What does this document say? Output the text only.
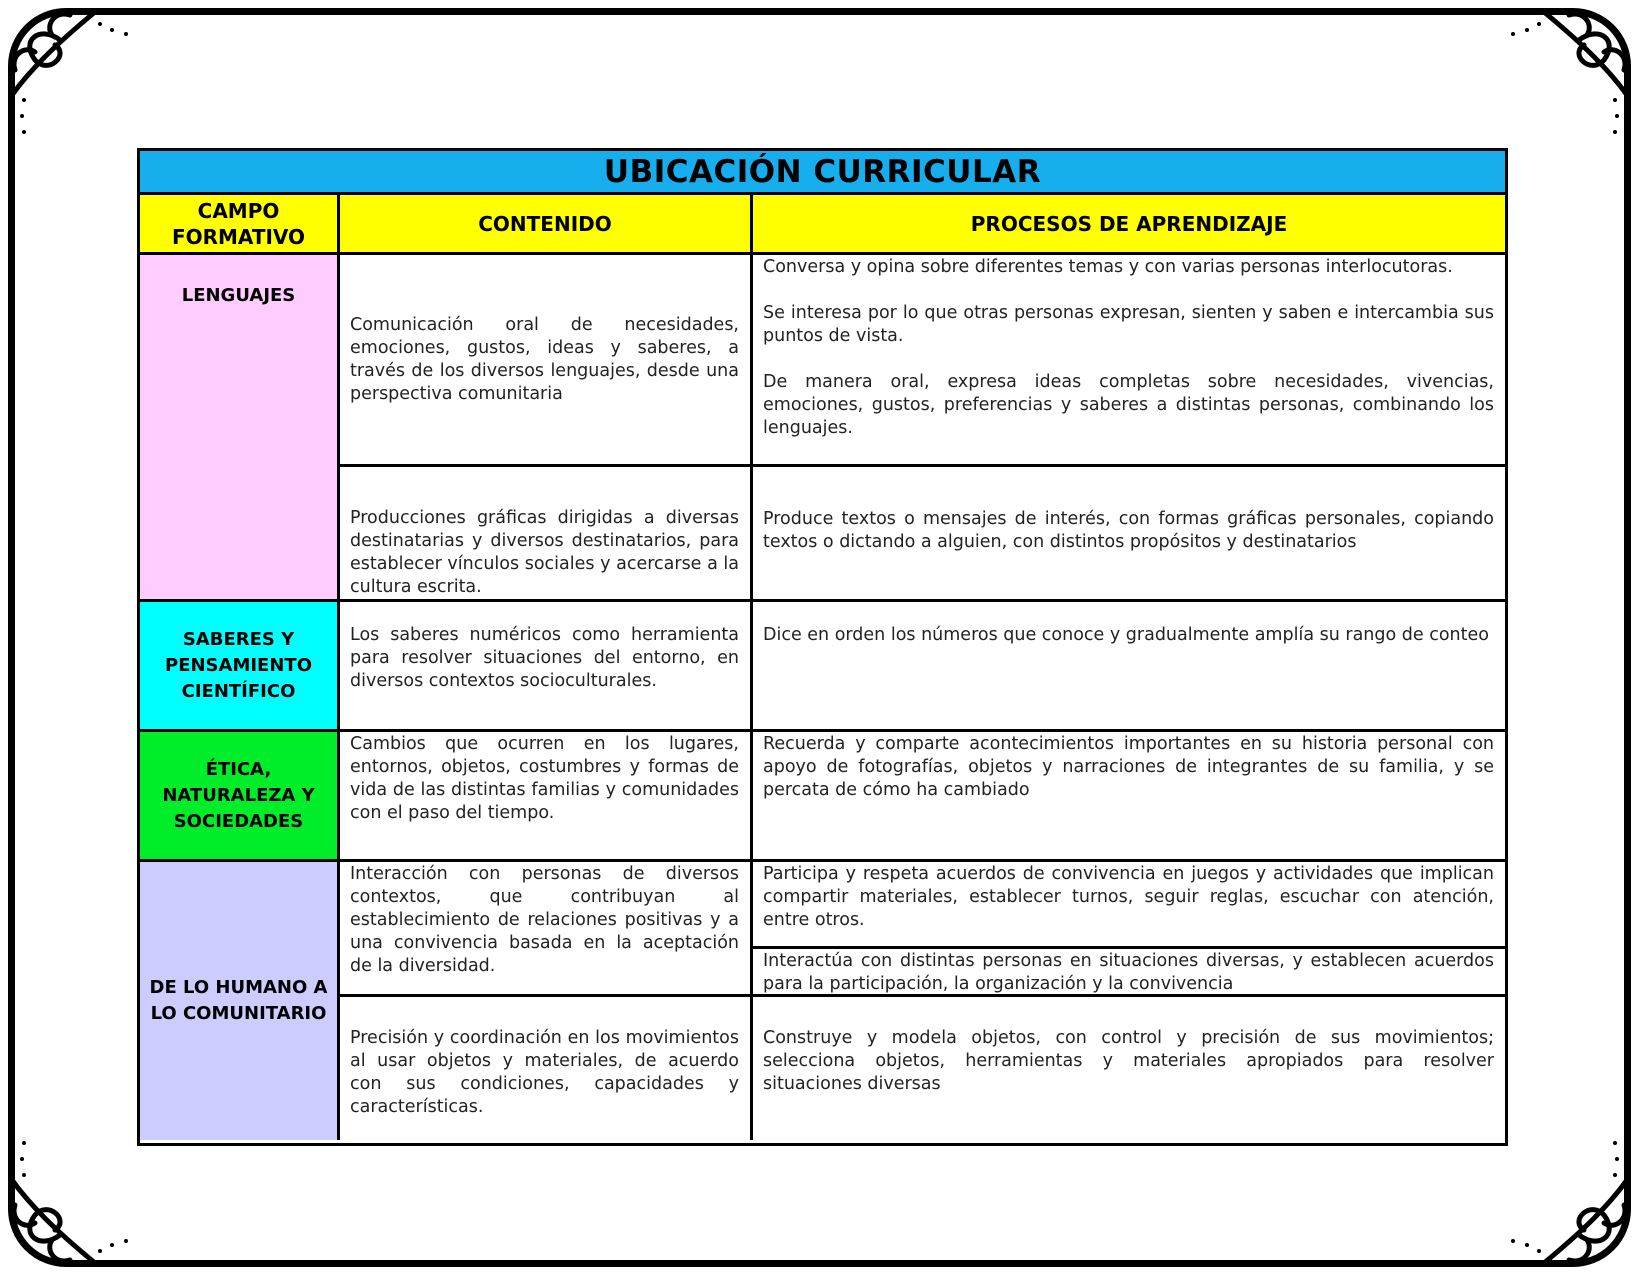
UBICACIÓN CURRICULAR
CAMPO FORMATIVO
CONTENIDO	PROCESOS DE APRENDIZAJE
LENGUAJES

Comunicación oral de necesidades, emociones, gustos, ideas y saberes, a través de los diversos lenguajes, desde una perspectiva comunitaria

Conversa y opina sobre diferentes temas y con varias personas interlocutoras.

Se interesa por lo que otras personas expresan, sienten y saben e intercambia sus puntos de vista.

De manera oral, expresa ideas completas sobre necesidades, vivencias, emociones, gustos, preferencias y saberes a distintas personas, combinando los lenguajes.

Producciones gráficas dirigidas a diversas destinatarias y diversos destinatarios, para establecer vínculos sociales y acercarse a la cultura escrita.

Produce textos o mensajes de interés, con formas gráficas personales, copiando textos o dictando a alguien, con distintos propósitos y destinatarios

SABERES Y PENSAMIENTO CIENTÍFICO

Los saberes numéricos como herramienta para resolver situaciones del entorno, en diversos contextos socioculturales.

Dice en orden los números que conoce y gradualmente amplía su rango de conteo

ÉTICA, NATURALEZA Y SOCIEDADES

Cambios que ocurren en los lugares, entornos, objetos, costumbres y formas de vida de las distintas familias y comunidades con el paso del tiempo.

Recuerda y comparte acontecimientos importantes en su historia personal con apoyo de fotografías, objetos y narraciones de integrantes de su familia, y se percata de cómo ha cambiado

DE LO HUMANO A LO COMUNITARIO

Interacción con personas de diversos contextos, que contribuyan al establecimiento de relaciones positivas y a una convivencia basada en la aceptación de la diversidad.

Participa y respeta acuerdos de convivencia en juegos y actividades que implican compartir materiales, establecer turnos, seguir reglas, escuchar con atención, entre otros.

Interactúa con distintas personas en situaciones diversas, y establecen acuerdos para la participación, la organización y la convivencia

Precisión y coordinación en los movimientos al usar objetos y materiales, de acuerdo con sus condiciones, capacidades y características.

Construye y modela objetos, con control y precisión de sus movimientos; selecciona objetos, herramientas y materiales apropiados para resolver situaciones diversas
